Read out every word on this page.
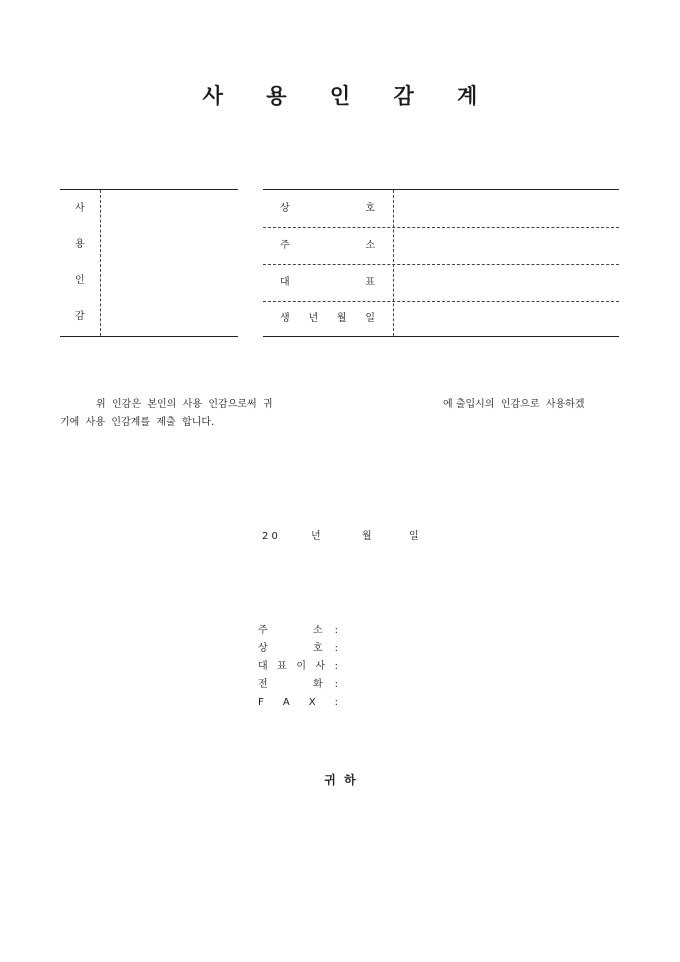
사 용 인 감 계
사
용
인
감
상	호
주	소
대	표
생 년 월 일
위  인감은  본인의  사용  인감으로써  귀	에 출입시의  인감으로  사용하겠
기에  사용  인감계를  제출  합니다.
2 0	년	월	일
주	소 :
상	호 :
대 표 이 사 :
전	화 :
F A X :
귀  하
